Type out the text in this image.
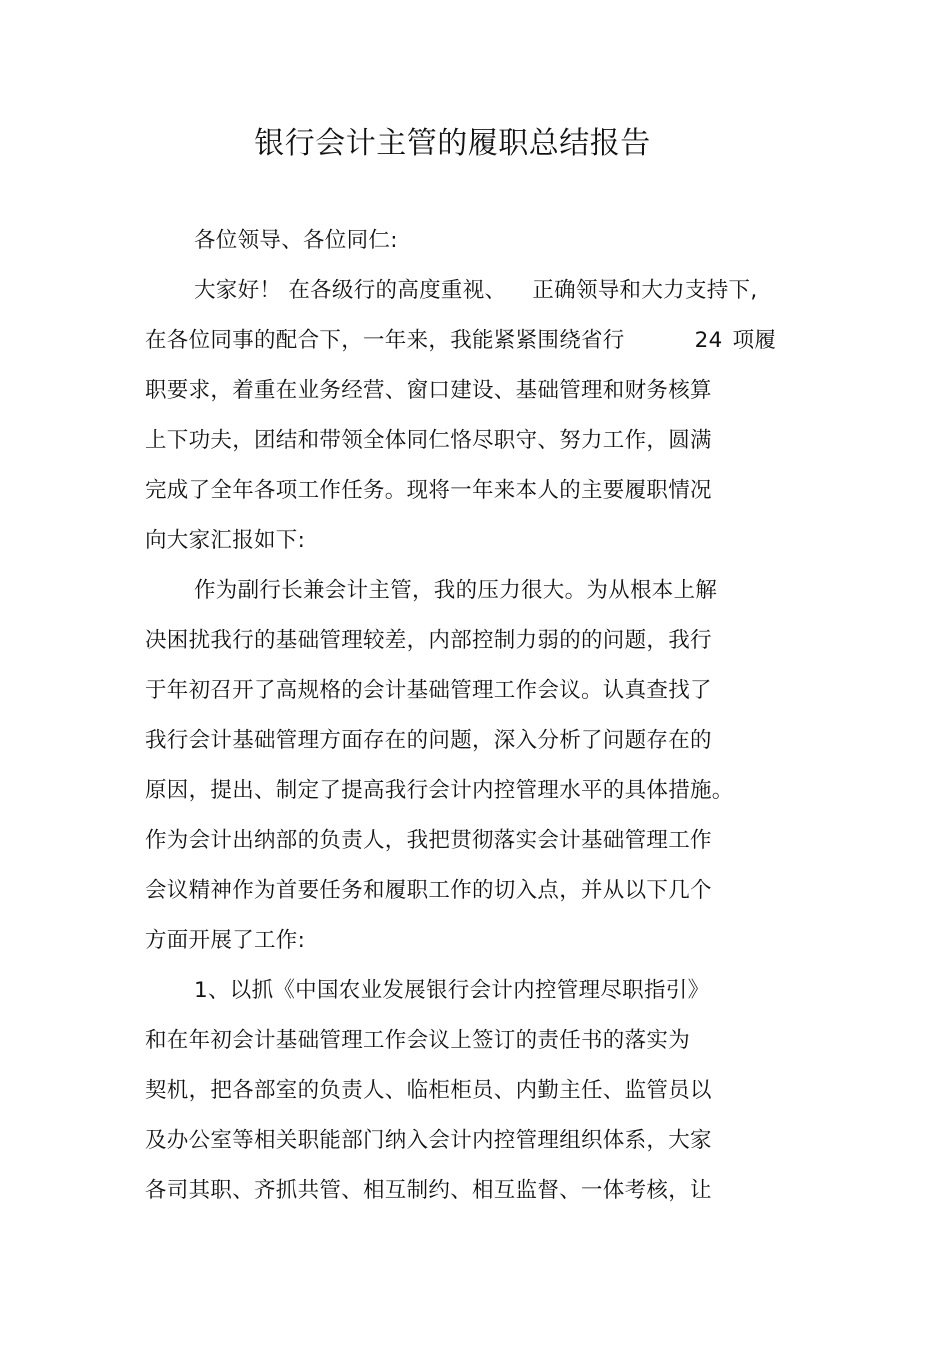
银行会计主管的履职总结报告

各位领导、各位同仁:

大家好！ 在各级行的高度重视、 正确领导和大力支持下,

在各位同事的配合下，一年来，我能紧紧围绕省行	24 项履

职要求，着重在业务经营、窗口建设、基础管理和财务核算

上下功夫，团结和带领全体同仁恪尽职守、努力工作，圆满

完成了全年各项工作任务。现将一年来本人的主要履职情况

向大家汇报如下:

作为副行长兼会计主管，我的压力很大。为从根本上解

决困扰我行的基础管理较差，内部控制力弱的的问题，我行

于年初召开了高规格的会计基础管理工作会议。认真查找了

我行会计基础管理方面存在的问题，深入分析了问题存在的

原因，提出、制定了提高我行会计内控管理水平的具体措施。

作为会计出纳部的负责人，我把贯彻落实会计基础管理工作

会议精神作为首要任务和履职工作的切入点，并从以下几个

方面开展了工作:

1、以抓《中国农业发展银行会计内控管理尽职指引》

和在年初会计基础管理工作会议上签订的责任书的落实为

契机，把各部室的负责人、临柜柜员、内勤主任、监管员以

及办公室等相关职能部门纳入会计内控管理组织体系，大家

各司其职、齐抓共管、相互制约、相互监督、一体考核，让
